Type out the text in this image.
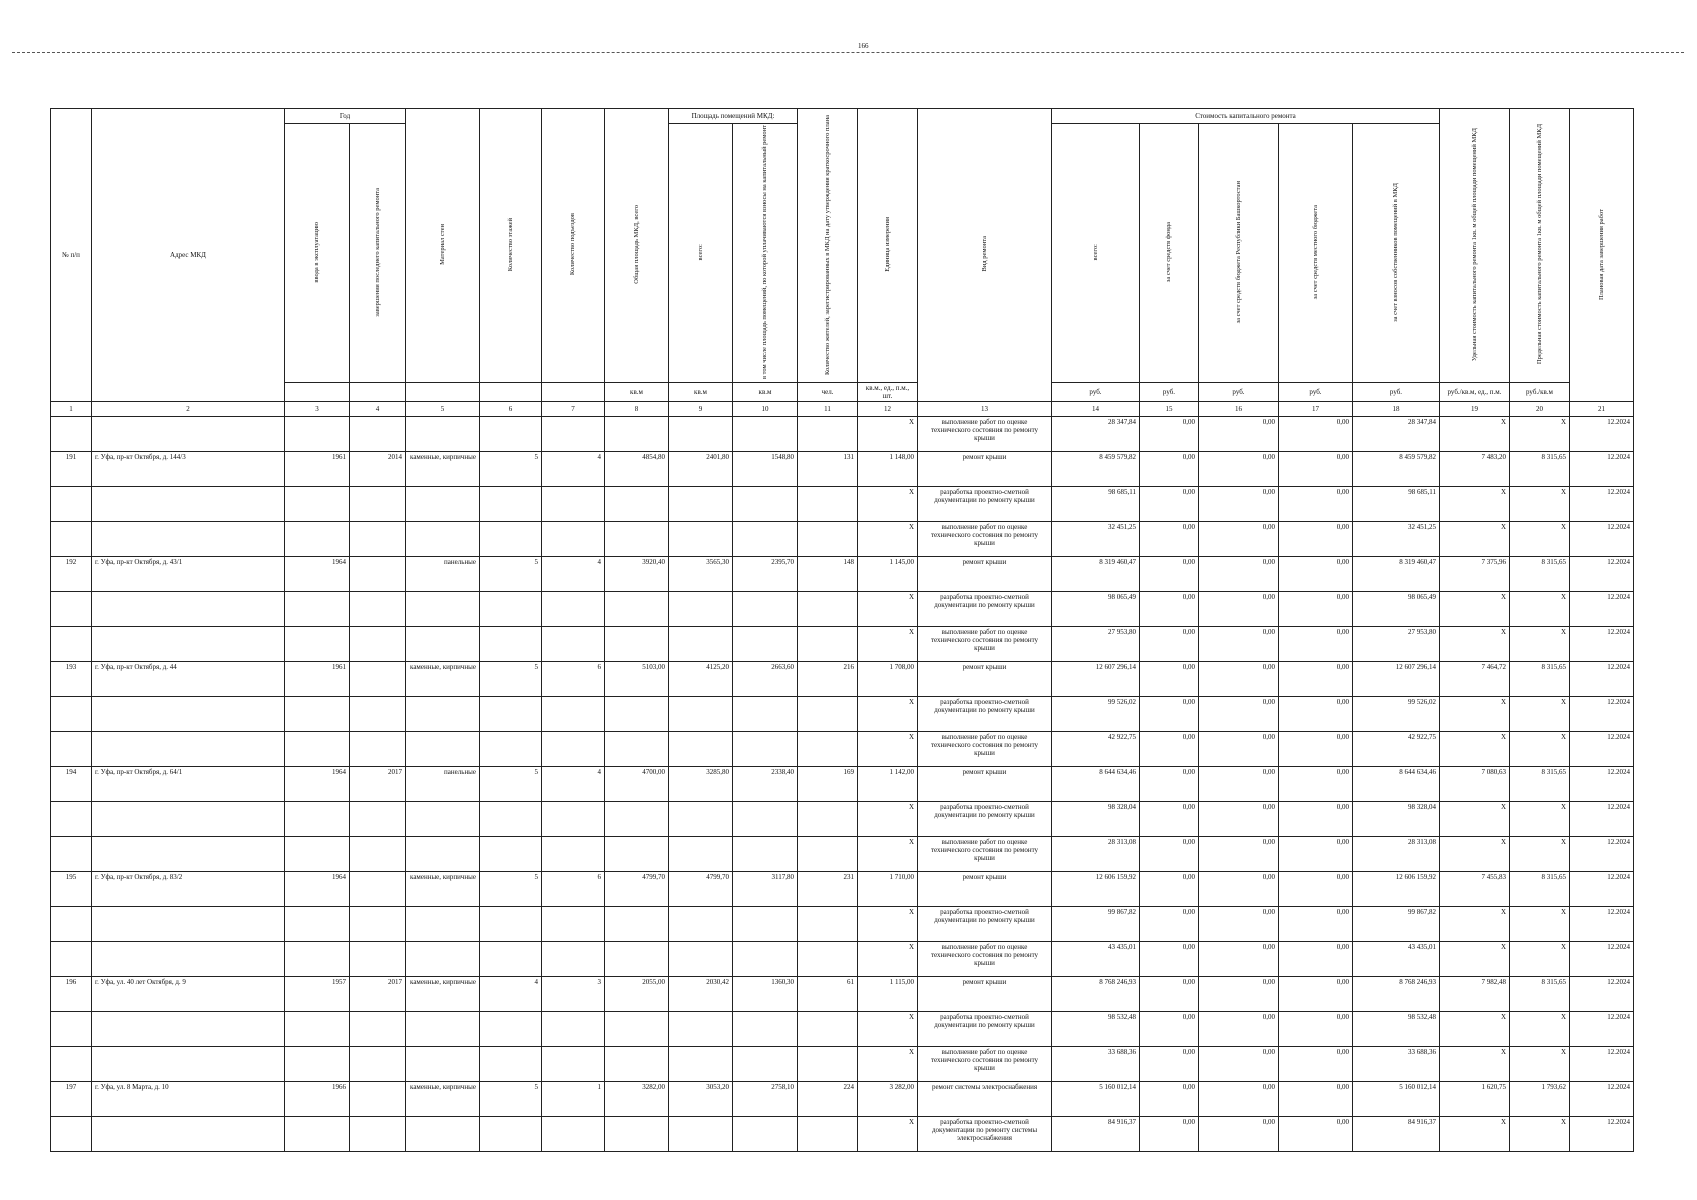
166
№ п/п	Адрес МКД	Год		Материал стен	Количество этажей	Количество подъездов	Общая площадь МКД, всего	Площадь помещений МКД:		Количество жителей, зарегистрированных в МКД на дату утверждения краткосрочного плана	Единица измерения	Вид ремонта	Стоимость капитального ремонта					Удельная стоимость капитального ремонта 1кв. м общей площади помещений МКД	Предельная стоимость капитального ремонта 1кв. м общей площади помещений МКД	Плановая дата завершения работ
		ввода в эксплуатацию	завершения последнего капитального ремонта					всего:	в том числе площадь помещений, по которой уплачиваются взносы на капитальный ремонт				всего:	за счет средств фонда	за счет средств бюджета Республики Башкортостан	за счет средств местного бюджета	за счет взносов собственников помещений в МКД			
							кв.м	кв.м	кв.м	чел.	кв.м., ед., п.м., шт.		руб.	руб.	руб.	руб.	руб.	руб./кв.м, ед., п.м.	руб./кв.м	
1	2	3	4	5	6	7	8	9	10	11	12	13	14	15	16	17	18	19	20	21
											X	выполнение работ по оценке технического состояния по ремонту крыши	28 347,84	0,00	0,00	0,00	28 347,84	X	X	12.2024
191	г. Уфа, пр-кт Октября, д. 144/3	1961	2014	каменные, кирпичные	5	4	4854,80	2401,80	1548,80	131	1 148,00	ремонт крыши	8 459 579,82	0,00	0,00	0,00	8 459 579,82	7 483,20	8 315,65	12.2024
											X	разработка проектно-сметной документации по ремонту крыши	98 685,11	0,00	0,00	0,00	98 685,11	X	X	12.2024
											X	выполнение работ по оценке технического состояния по ремонту крыши	32 451,25	0,00	0,00	0,00	32 451,25	X	X	12.2024
192	г. Уфа, пр-кт Октября, д. 43/1	1964		панельные	5	4	3920,40	3565,30	2395,70	148	1 145,00	ремонт крыши	8 319 460,47	0,00	0,00	0,00	8 319 460,47	7 375,96	8 315,65	12.2024
											X	разработка проектно-сметной документации по ремонту крыши	98 065,49	0,00	0,00	0,00	98 065,49	X	X	12.2024
											X	выполнение работ по оценке технического состояния по ремонту крыши	27 953,80	0,00	0,00	0,00	27 953,80	X	X	12.2024
193	г. Уфа, пр-кт Октября, д. 44	1961		каменные, кирпичные	5	6	5103,00	4125,20	2663,60	216	1 708,00	ремонт крыши	12 607 296,14	0,00	0,00	0,00	12 607 296,14	7 464,72	8 315,65	12.2024
											X	разработка проектно-сметной документации по ремонту крыши	99 526,02	0,00	0,00	0,00	99 526,02	X	X	12.2024
											X	выполнение работ по оценке технического состояния по ремонту крыши	42 922,75	0,00	0,00	0,00	42 922,75	X	X	12.2024
194	г. Уфа, пр-кт Октября, д. 64/1	1964	2017	панельные	5	4	4700,00	3285,80	2338,40	169	1 142,00	ремонт крыши	8 644 634,46	0,00	0,00	0,00	8 644 634,46	7 080,63	8 315,65	12.2024
											X	разработка проектно-сметной документации по ремонту крыши	98 328,04	0,00	0,00	0,00	98 328,04	X	X	12.2024
											X	выполнение работ по оценке технического состояния по ремонту крыши	28 313,08	0,00	0,00	0,00	28 313,08	X	X	12.2024
195	г. Уфа, пр-кт Октября, д. 83/2	1964		каменные, кирпичные	5	6	4799,70	4799,70	3117,80	231	1 710,00	ремонт крыши	12 606 159,92	0,00	0,00	0,00	12 606 159,92	7 455,83	8 315,65	12.2024
											X	разработка проектно-сметной документации по ремонту крыши	99 867,82	0,00	0,00	0,00	99 867,82	X	X	12.2024
											X	выполнение работ по оценке технического состояния по ремонту крыши	43 435,01	0,00	0,00	0,00	43 435,01	X	X	12.2024
196	г. Уфа, ул. 40 лет Октября, д. 9	1957	2017	каменные, кирпичные	4	3	2055,00	2030,42	1360,30	61	1 115,00	ремонт крыши	8 768 246,93	0,00	0,00	0,00	8 768 246,93	7 982,48	8 315,65	12.2024
											X	разработка проектно-сметной документации по ремонту крыши	98 532,48	0,00	0,00	0,00	98 532,48	X	X	12.2024
											X	выполнение работ по оценке технического состояния по ремонту крыши	33 688,36	0,00	0,00	0,00	33 688,36	X	X	12.2024
197	г. Уфа, ул. 8 Марта, д. 10	1966		каменные, кирпичные	5	1	3282,00	3053,20	2758,10	224	3 282,00	ремонт системы электроснабжения	5 160 012,14	0,00	0,00	0,00	5 160 012,14	1 620,75	1 793,62	12.2024
											X	разработка проектно-сметной документации по ремонту системы электроснабжения	84 916,37	0,00	0,00	0,00	84 916,37	X	X	12.2024
